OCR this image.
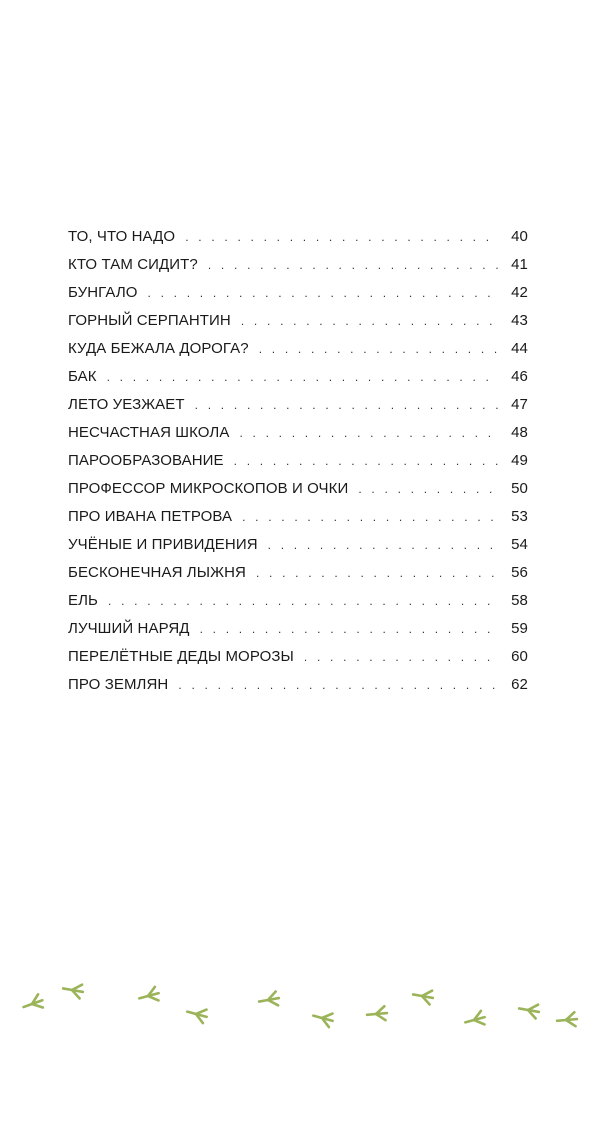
ТО, ЧТО НАДО . . .	40
КТО ТАМ СИДИТ? . . .	41
БУНГАЛО . . .	42
ГОРНЫЙ СЕРПАНТИН . . .	43
КУДА БЕЖАЛА ДОРОГА? . . .	44
БАК . . .	46
ЛЕТО УЕЗЖАЕТ . . .	47
НЕСЧАСТНАЯ ШКОЛА . . .	48
ПАРООБРАЗОВАНИЕ . . .	49
ПРОФЕССОР МИКРОСКОПОВ И ОЧКИ . . .	50
ПРО ИВАНА ПЕТРОВА . . .	53
УЧЁНЫЕ И ПРИВИДЕНИЯ . . .	54
БЕСКОНЕЧНАЯ ЛЫЖНЯ . . .	56
ЕЛЬ . . .	58
ЛУЧШИЙ НАРЯД . . .	59
ПЕРЕЛЁТНЫЕ ДЕДЫ МОРОЗЫ . . .	60
ПРО ЗЕМЛЯН . . .	62
